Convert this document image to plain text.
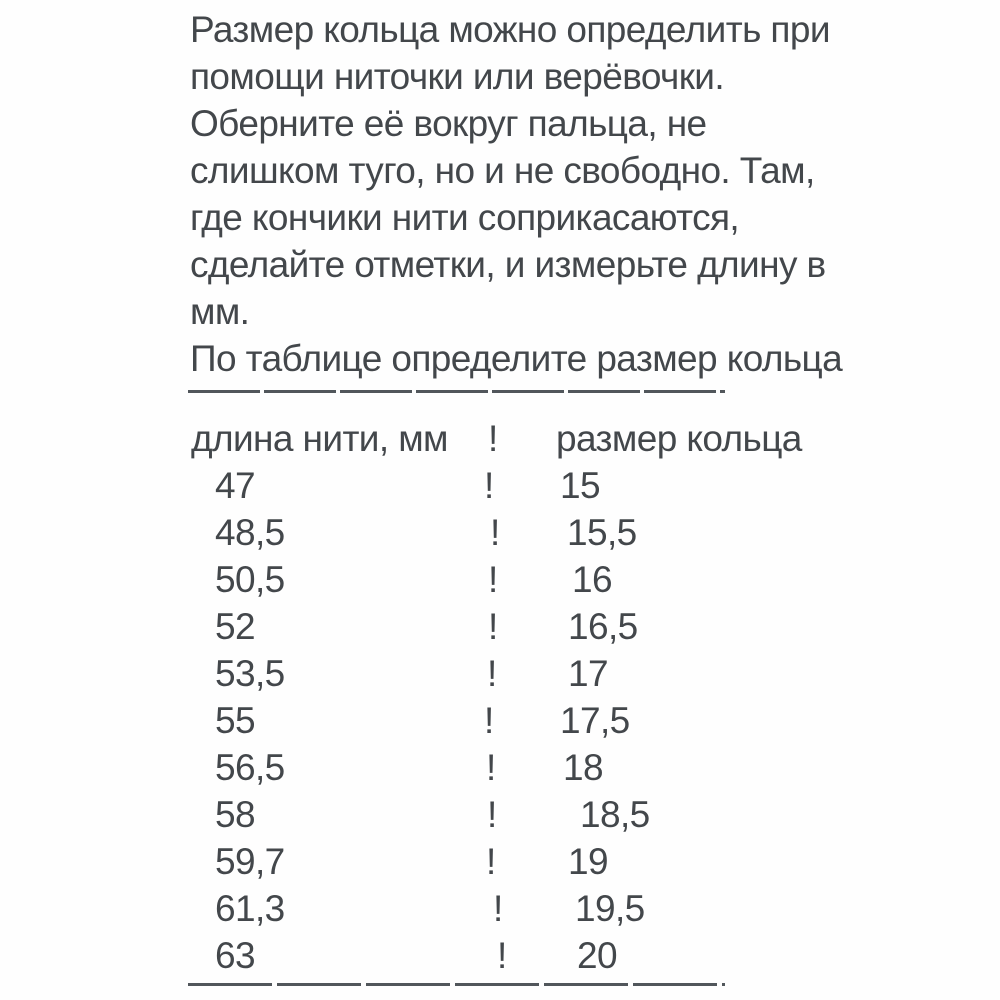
Размер кольца можно определить при
помощи ниточки или верёвочки.
Оберните её вокруг пальца, не
слишком туго, но и не свободно. Там,
где кончики нити соприкасаются,
сделайте отметки, и измерьте длину в
мм.
По таблице определите размер кольца
длина нити, мм ! размер кольца
47	! 15
48,5	! 15,5
50,5	! 16
52	! 16,5
53,5	! 17
55	! 17,5
56,5	! 18
58	! 18,5
59,7	! 19
61,3	! 19,5
63	! 20
